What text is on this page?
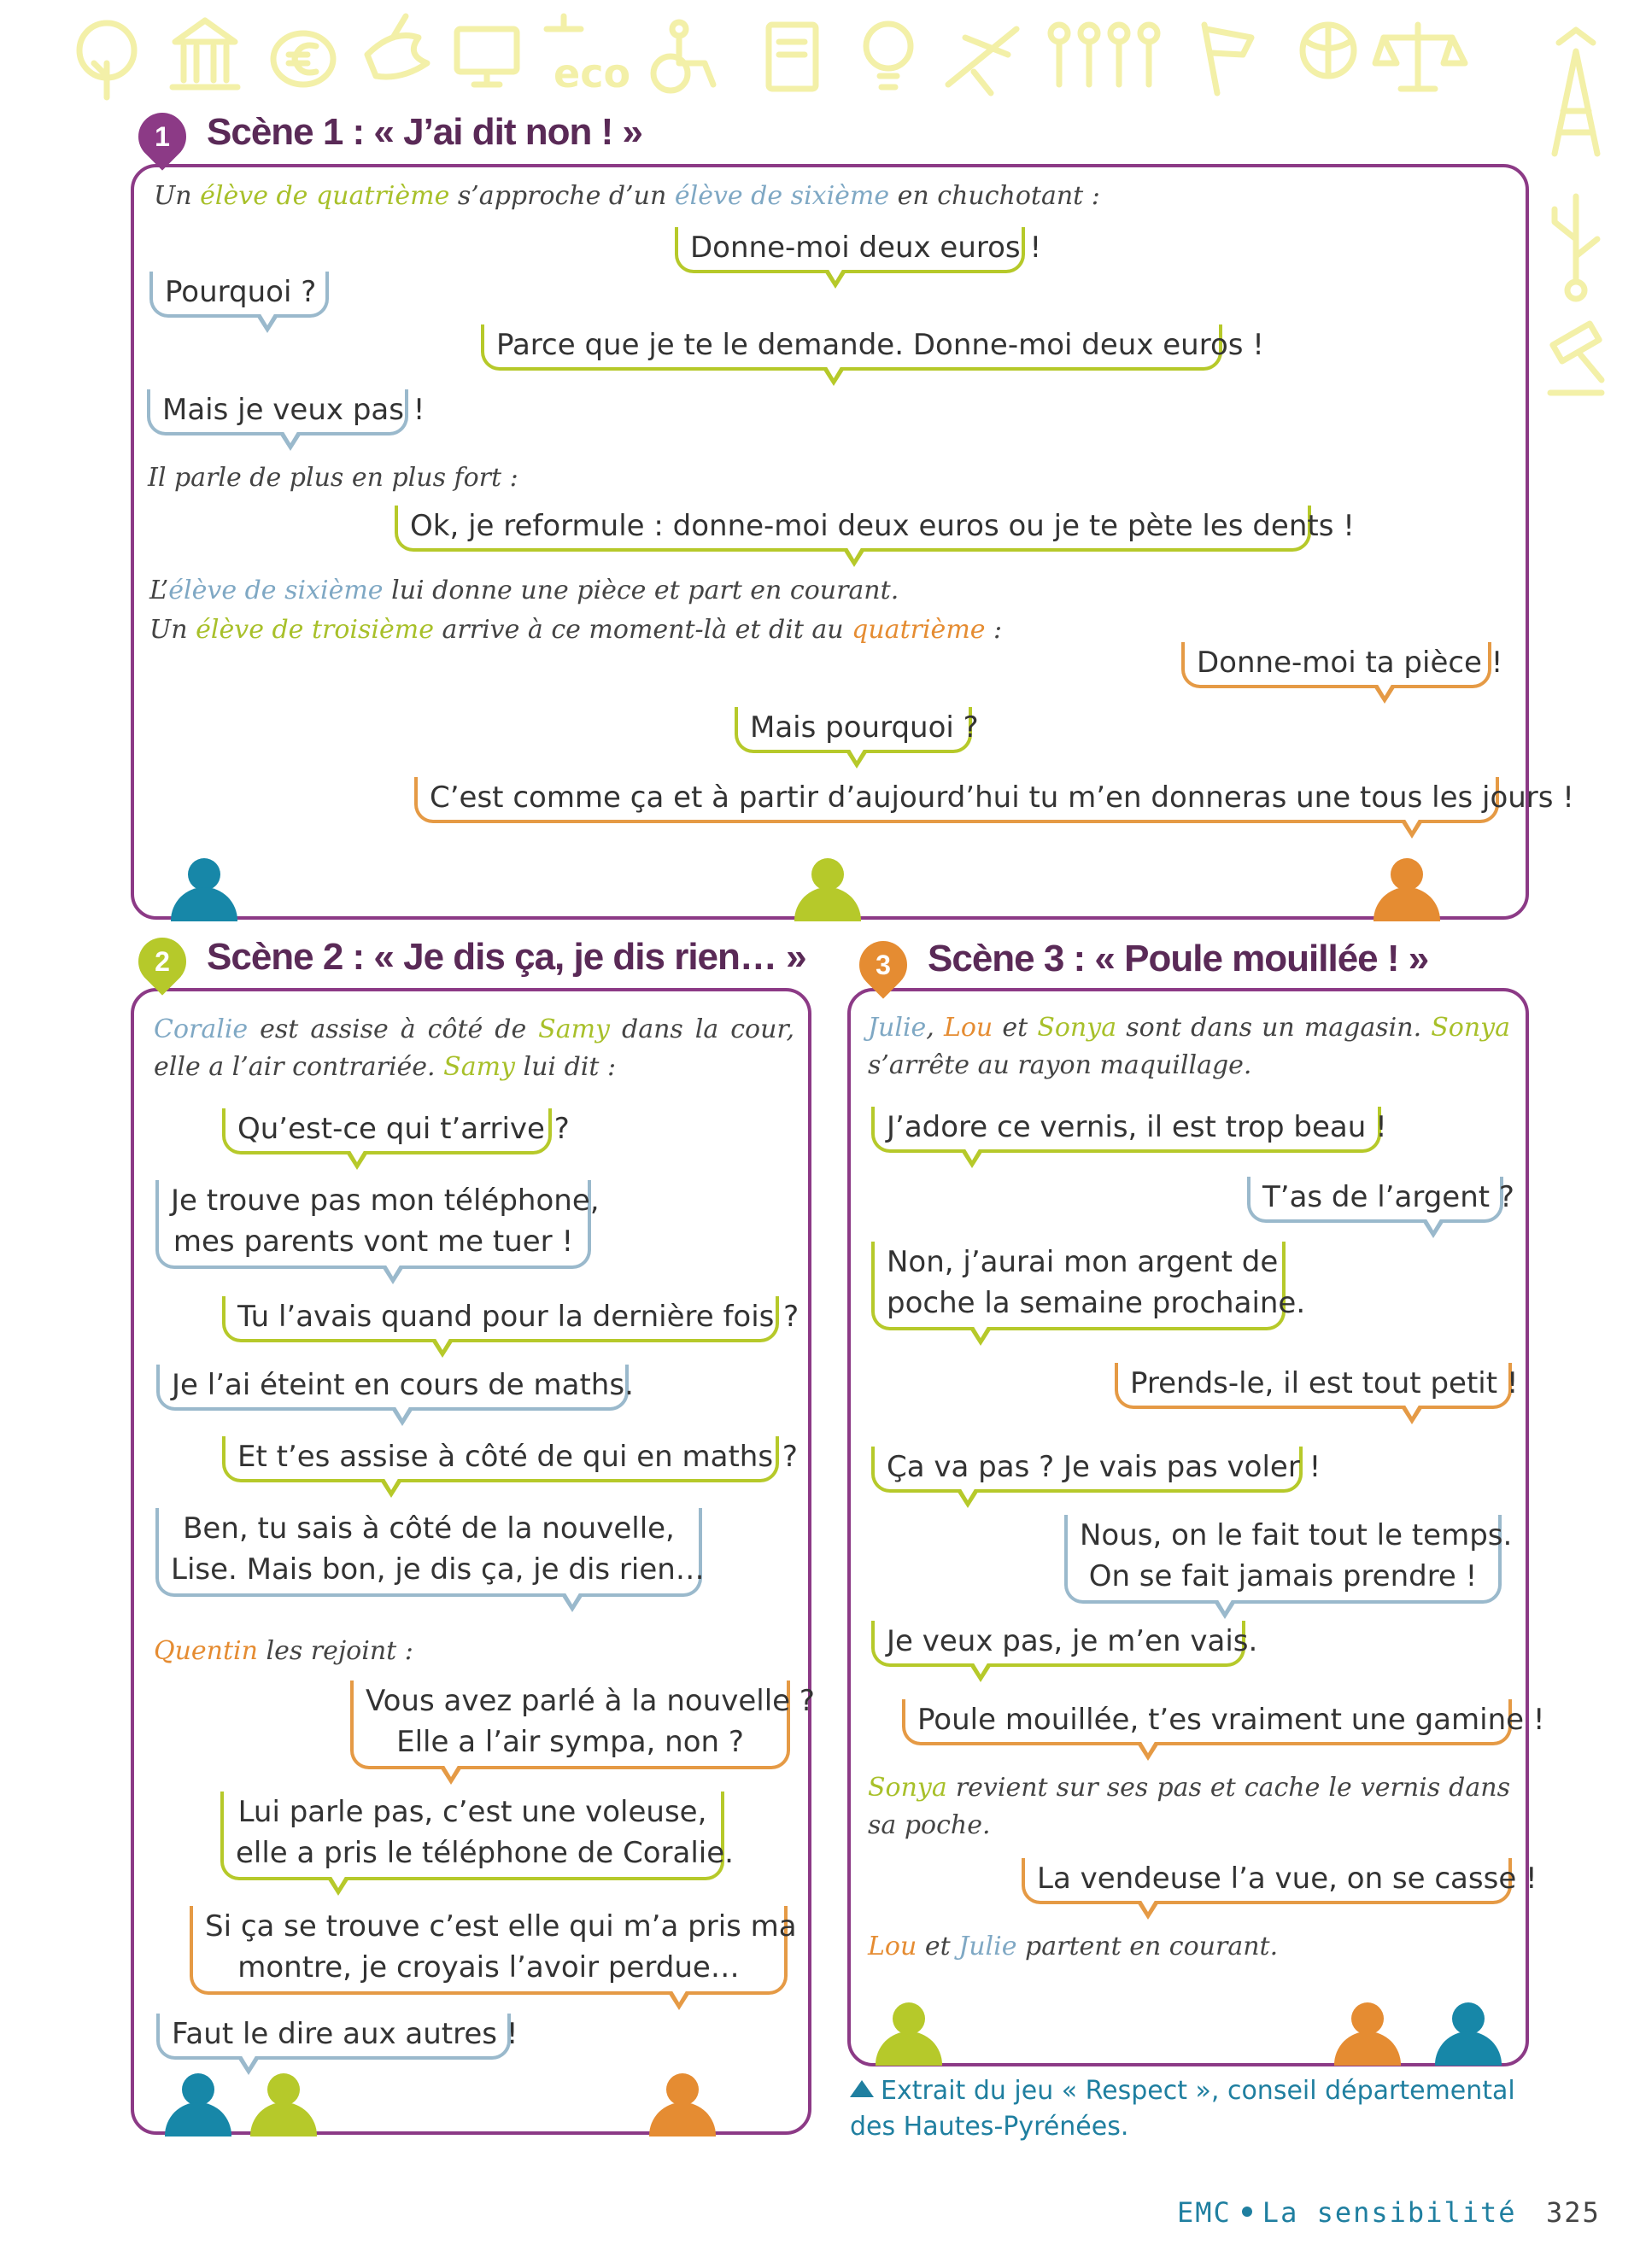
eco
1 Scène 1 : « J’ai dit non ! »
Un élève de quatrième s’approche d’un élève de sixième en chuchotant :
Donne-moi deux euros !
Pourquoi ?
Parce que je te le demande. Donne-moi deux euros !
Mais je veux pas !
Il parle de plus en plus fort :
Ok, je reformule : donne-moi deux euros ou je te pète les dents !
L’élève de sixième lui donne une pièce et part en courant.
Un élève de troisième arrive à ce moment-là et dit au quatrième :
Donne-moi ta pièce !
Mais pourquoi ?
C’est comme ça et à partir d’aujourd’hui tu m’en donneras une tous les jours !
2 Scène 2 : « Je dis ça, je dis rien… »
Coralie est assise à côté de Samy dans la cour, elle a l’air contrariée. Samy lui dit :
Qu’est-ce qui t’arrive ?
Je trouve pas mon téléphone,
mes parents vont me tuer !
Tu l’avais quand pour la dernière fois ?
Je l’ai éteint en cours de maths.
Et t’es assise à côté de qui en maths ?
Ben, tu sais à côté de la nouvelle,
Lise. Mais bon, je dis ça, je dis rien…
Quentin les rejoint :
Vous avez parlé à la nouvelle ?
Elle a l’air sympa, non ?
Lui parle pas, c’est une voleuse,
elle a pris le téléphone de Coralie.
Si ça se trouve c’est elle qui m’a pris ma
montre, je croyais l’avoir perdue…
Faut le dire aux autres !
3 Scène 3 : « Poule mouillée ! »
Julie, Lou et Sonya sont dans un magasin. Sonya s’arrête au rayon maquillage.
J’adore ce vernis, il est trop beau !
T’as de l’argent ?
Non, j’aurai mon argent de
poche la semaine prochaine.
Prends-le, il est tout petit !
Ça va pas ? Je vais pas voler !
Nous, on le fait tout le temps.
On se fait jamais prendre !
Je veux pas, je m’en vais.
Poule mouillée, t’es vraiment une gamine !
Sonya revient sur ses pas et cache le vernis dans sa poche.
La vendeuse l’a vue, on se casse !
Lou et Julie partent en courant.
Extrait du jeu « Respect », conseil départemental
des Hautes-Pyrénées.
EMC La sensibilité 325
